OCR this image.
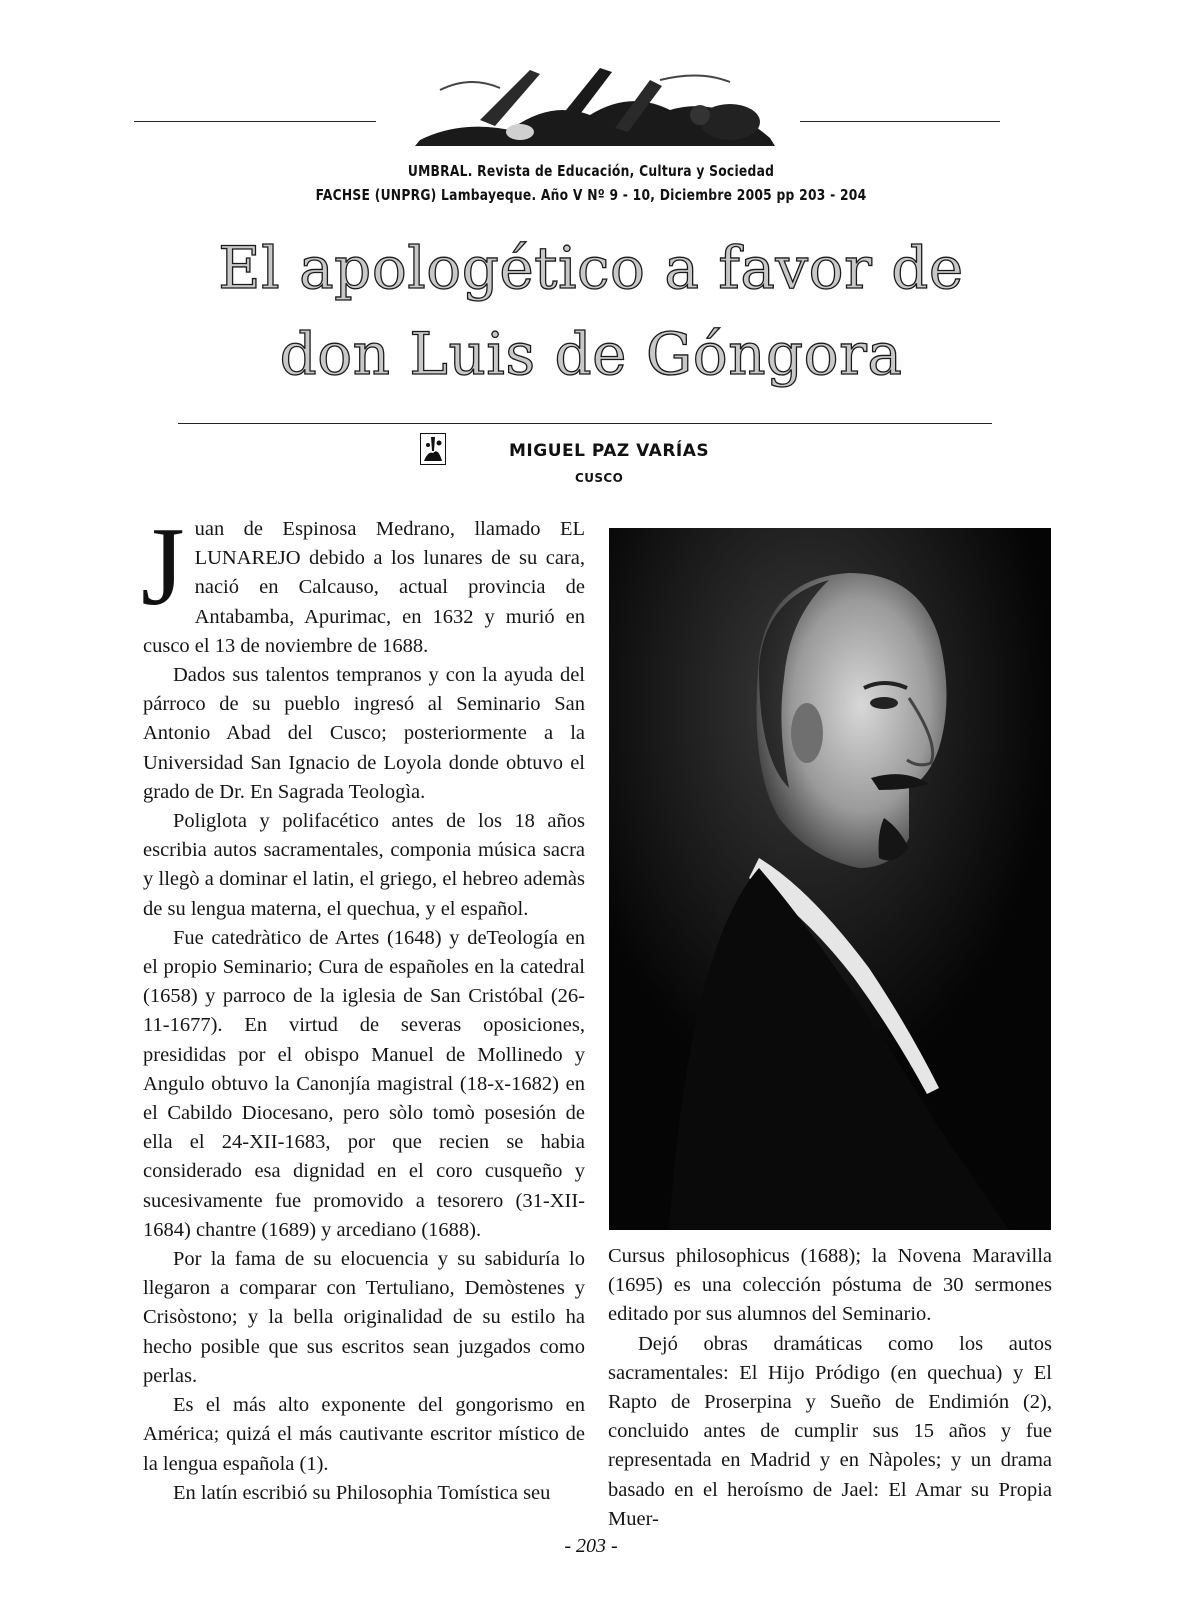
UMBRAL. Revista de Educación, Cultura y Sociedad
FACHSE (UNPRG) Lambayeque. Año V Nº 9 - 10, Diciembre 2005 pp 203 - 204
El apologético a favor de
don Luis de Góngora
MIGUEL PAZ VARÍAS
CUSCO

Juan de Espinosa Medrano, llamado EL LUNAREJO debido a los lunares de su cara, nació en Calcauso, actual provincia de Antabamba, Apurimac, en 1632 y murió en cusco el 13 de noviembre de 1688.

Dados sus talentos tempranos y con la ayuda del párroco de su pueblo ingresó al Seminario San Antonio Abad del Cusco; posteriormente a la Universidad San Ignacio de Loyola donde obtuvo el grado de Dr. En Sagrada Teologìa.

Poliglota y polifacético antes de los 18 años escribia autos sacramentales, componia música sacra y llegò a dominar el latin, el griego, el hebreo ademàs de su lengua materna, el quechua, y el español.

Fue catedràtico de Artes (1648) y deTeología en el propio Seminario; Cura de españoles en la catedral (1658) y parroco de la iglesia de San Cristóbal (26-11-1677). En virtud de severas oposiciones, presididas por el obispo Manuel de Mollinedo y Angulo obtuvo la Canonjía magistral (18-x-1682) en el Cabildo Diocesano, pero sòlo tomò posesión de ella el 24-XII-1683, por que recien se habia considerado esa dignidad en el coro cusqueño y sucesivamente fue promovido a tesorero (31-XII-1684) chantre (1689) y arcediano (1688).

Por la fama de su elocuencia y su sabiduría lo llegaron a comparar con Tertuliano, Demòstenes y Crisòstono; y la bella originalidad de su estilo ha hecho posible que sus escritos sean juzgados como perlas.

Es el más alto exponente del gongorismo en América; quizá el más cautivante escritor místico de la lengua española (1).

En latín escribió su Philosophia Tomística seu

Cursus philosophicus (1688); la Novena Maravilla (1695) es una colección póstuma de 30 sermones editado por sus alumnos del Seminario.

Dejó obras dramáticas como los autos sacramentales: El Hijo Pródigo (en quechua) y El Rapto de Proserpina y Sueño de Endimión (2), concluido antes de cumplir sus 15 años y fue representada en Madrid y en Nàpoles; y un drama basado en el heroísmo de Jael: El Amar su Propia Muer-

- 203 -
